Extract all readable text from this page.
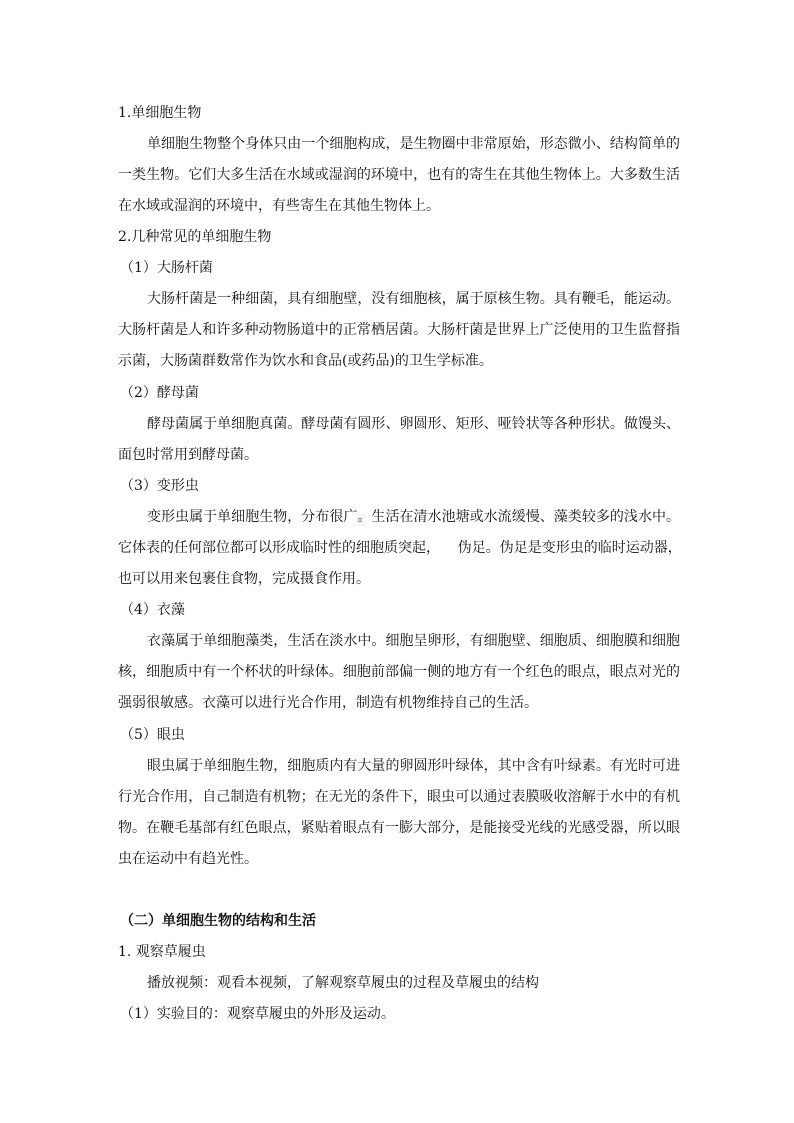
1.单细胞生物
单细胞生物整个身体只由一个细胞构成，是生物圈中非常原始，形态微小、结构简单的
一类生物。它们大多生活在水域或湿润的环境中，也有的寄生在其他生物体上。大多数生活
在水域或湿润的环境中，有些寄生在其他生物体上。
2.几种常见的单细胞生物
（1）大肠杆菌
大肠杆菌是一种细菌，具有细胞壁，没有细胞核，属于原核生物。具有鞭毛，能运动。
大肠杆菌是人和许多种动物肠道中的正常栖居菌。大肠杆菌是世界上广泛使用的卫生监督指
示菌，大肠菌群数常作为饮水和食品(或药品)的卫生学标准。
（2）酵母菌
酵母菌属于单细胞真菌。酵母菌有圆形、卵圆形、矩形、哑铃状等各种形状。做馒头、
面包时常用到酵母菌。
（3）变形虫
变形虫属于单细胞生物，分布很广。生活在清水池塘或水流缓慢、藻类较多的浅水中。
它体表的任何部位都可以形成临时性的细胞质突起，    伪足。伪足是变形虫的临时运动器，
也可以用来包裹住食物，完成摄食作用。
（4）衣藻
衣藻属于单细胞藻类，生活在淡水中。细胞呈卵形，有细胞壁、细胞质、细胞膜和细胞
核，细胞质中有一个杯状的叶绿体。细胞前部偏一侧的地方有一个红色的眼点，眼点对光的
强弱很敏感。衣藻可以进行光合作用，制造有机物维持自己的生活。
（5）眼虫
眼虫属于单细胞生物，细胞质内有大量的卵圆形叶绿体，其中含有叶绿素。有光时可进
行光合作用，自己制造有机物；在无光的条件下，眼虫可以通过表膜吸收溶解于水中的有机
物。在鞭毛基部有红色眼点，紧贴着眼点有一膨大部分，是能接受光线的光感受器，所以眼
虫在运动中有趋光性。
（二）单细胞生物的结构和生活
1. 观察草履虫
播放视频：观看本视频，了解观察草履虫的过程及草履虫的结构
（1）实验目的：观察草履虫的外形及运动。
